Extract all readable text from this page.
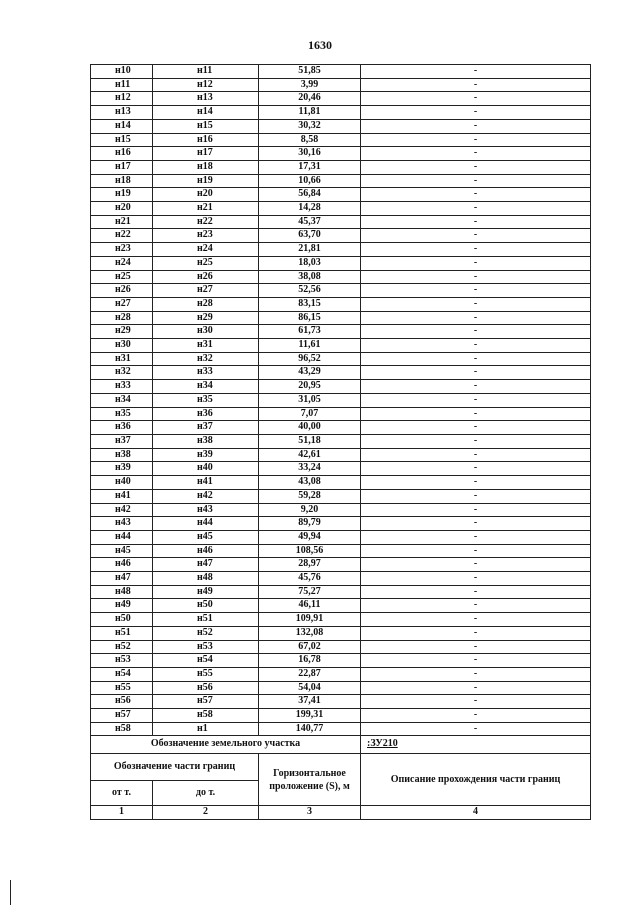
1630
н10	н11	51,85	-
н11	н12	3,99	-
н12	н13	20,46	-
н13	н14	11,81	-
н14	н15	30,32	-
н15	н16	8,58	-
н16	н17	30,16	-
н17	н18	17,31	-
н18	н19	10,66	-
н19	н20	56,84	-
н20	н21	14,28	-
н21	н22	45,37	-
н22	н23	63,70	-
н23	н24	21,81	-
н24	н25	18,03	-
н25	н26	38,08	-
н26	н27	52,56	-
н27	н28	83,15	-
н28	н29	86,15	-
н29	н30	61,73	-
н30	н31	11,61	-
н31	н32	96,52	-
н32	н33	43,29	-
н33	н34	20,95	-
н34	н35	31,05	-
н35	н36	7,07	-
н36	н37	40,00	-
н37	н38	51,18	-
н38	н39	42,61	-
н39	н40	33,24	-
н40	н41	43,08	-
н41	н42	59,28	-
н42	н43	9,20	-
н43	н44	89,79	-
н44	н45	49,94	-
н45	н46	108,56	-
н46	н47	28,97	-
н47	н48	45,76	-
н48	н49	75,27	-
н49	н50	46,11	-
н50	н51	109,91	-
н51	н52	132,08	-
н52	н53	67,02	-
н53	н54	16,78	-
н54	н55	22,87	-
н55	н56	54,04	-
н56	н57	37,41	-
н57	н58	199,31	-
н58	н1	140,77	-
Обозначение земельного участка			:ЗУ210
Обозначение части границ		Горизонтальное проложение (S), м	Описание прохождения части границ
от т.	до т.		
1	2	3	4
